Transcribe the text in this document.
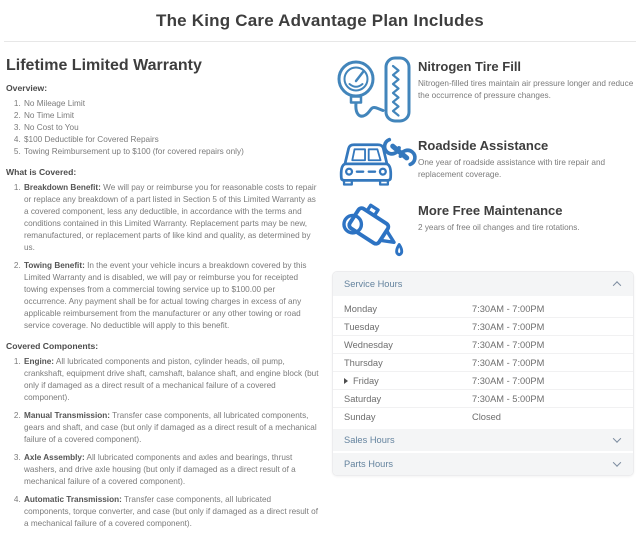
The King Care Advantage Plan Includes
Lifetime Limited Warranty

Overview:

1. No Mileage Limit
2. No Time Limit
3. No Cost to You
4. $100 Deductible for Covered Repairs
5. Towing Reimbursement up to $100 (for covered repairs only)

What is Covered:

1. Breakdown Benefit: We will pay or reimburse you for reasonable costs to repair or replace any breakdown of a part listed in Section 5 of this Limited Warranty as a covered component, less any deductible, in accordance with the terms and conditions contained in this Limited Warranty. Replacement parts may be new, remanufactured, or replacement parts of like kind and quality, as determined by us.
2. Towing Benefit: In the event your vehicle incurs a breakdown covered by this Limited Warranty and is disabled, we will pay or reimburse you for receipted towing expenses from a commercial towing service up to $100.00 per occurrence. Any payment shall be for actual towing charges in excess of any applicable reimbursement from the manufacturer or any other towing or road service coverage. No deductible will apply to this benefit.

Covered Components:

1. Engine: All lubricated components and piston, cylinder heads, oil pump, crankshaft, equipment drive shaft, camshaft, balance shaft, and engine block (but only if damaged as a direct result of a mechanical failure of a covered component).
2. Manual Transmission: Transfer case components, all lubricated components, gears and shaft, and case (but only if damaged as a direct result of a mechanical failure of a covered component).
3. Axle Assembly: All lubricated components and axles and bearings, thrust washers, and drive axle housing (but only if damaged as a direct result of a mechanical failure of a covered component).
4. Automatic Transmission: Transfer case components, all lubricated components, torque converter, and case (but only if damaged as a direct result of a mechanical failure of a covered component).
Nitrogen Tire Fill

Nitrogen-filled tires maintain air pressure longer and reduce the occurrence of pressure changes.

Roadside Assistance

One year of roadside assistance with tire repair and replacement coverage.

More Free Maintenance

2 years of free oil changes and tire rotations.

Service Hours
Monday	7:30AM - 7:00PM
Tuesday	7:30AM - 7:00PM
Wednesday	7:30AM - 7:00PM
Thursday	7:30AM - 7:00PM
Friday	7:30AM - 7:00PM
Saturday	7:30AM - 5:00PM
Sunday	Closed
Sales Hours
Parts Hours
